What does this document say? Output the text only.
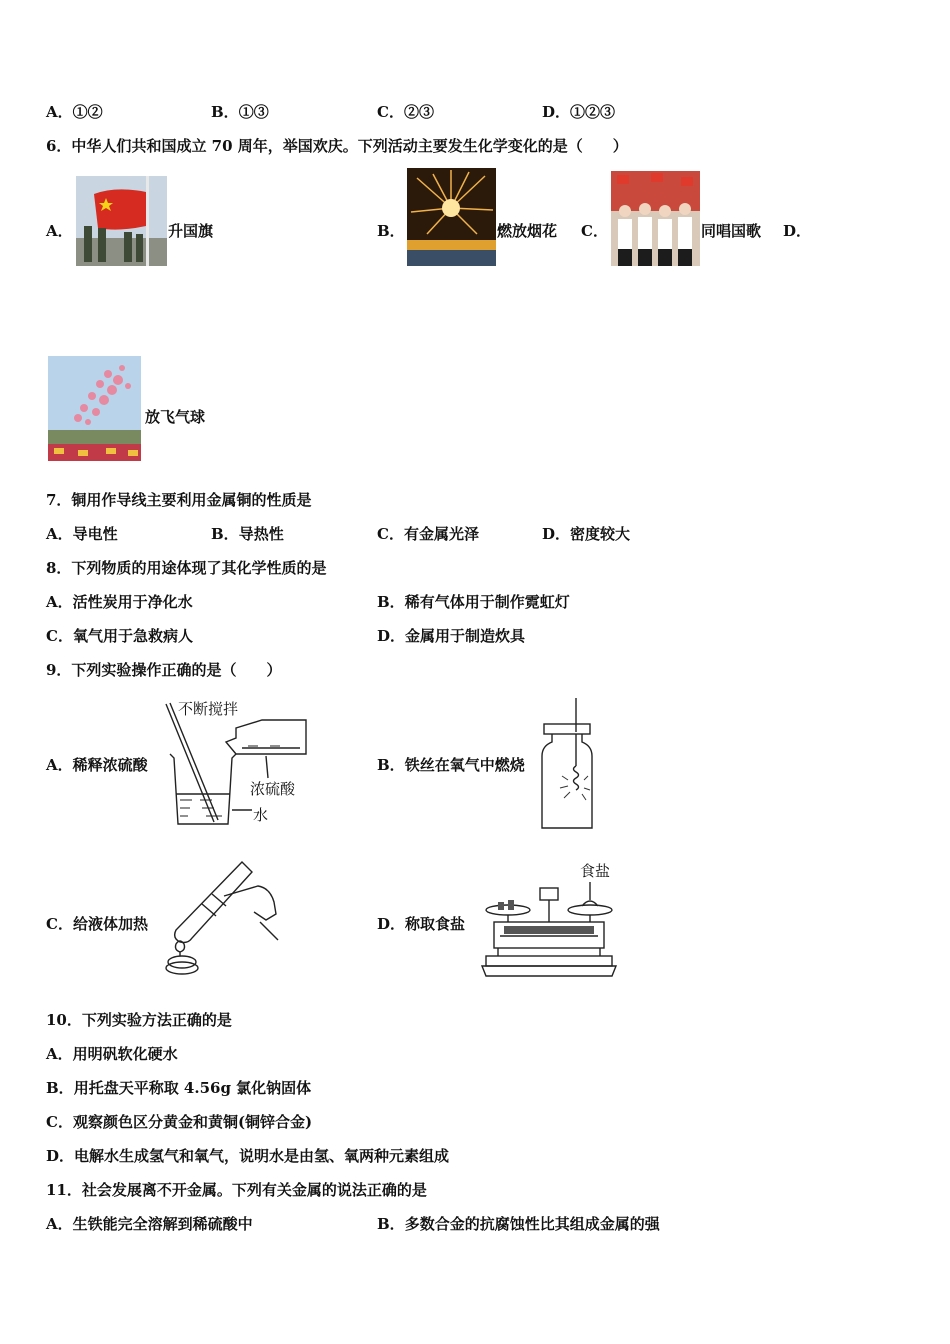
A．①②	B．①③	C．②③	D．①②③
6．中华人们共和国成立 70 周年，举国欢庆。下列活动主要发生化学变化的是（　　）
A．	升国旗	B．	燃放烟花 C．	同唱国歌 D．
放飞气球
7．铜用作导线主要利用金属铜的性质是
A．导电性	B．导热性	C．有金属光泽	D．密度较大
8．下列物质的用途体现了其化学性质的是
A．活性炭用于净化水	B．稀有气体用于制作霓虹灯
C．氧气用于急救病人	D．金属用于制造炊具
9．下列实验操作正确的是（　　）
A．稀释浓硫酸
不断搅拌
浓硫酸
水
B．铁丝在氧气中燃烧
C．给液体加热	D．称取食盐
食盐
10．下列实验方法正确的是
A．用明矾软化硬水
B．用托盘天平称取 4.56g 氯化钠固体
C．观察颜色区分黄金和黄铜(铜锌合金)
D．电解水生成氢气和氧气，说明水是由氢、氧两种元素组成
11．社会发展离不开金属。下列有关金属的说法正确的是
A．生铁能完全溶解到稀硫酸中	B．多数合金的抗腐蚀性比其组成金属的强
